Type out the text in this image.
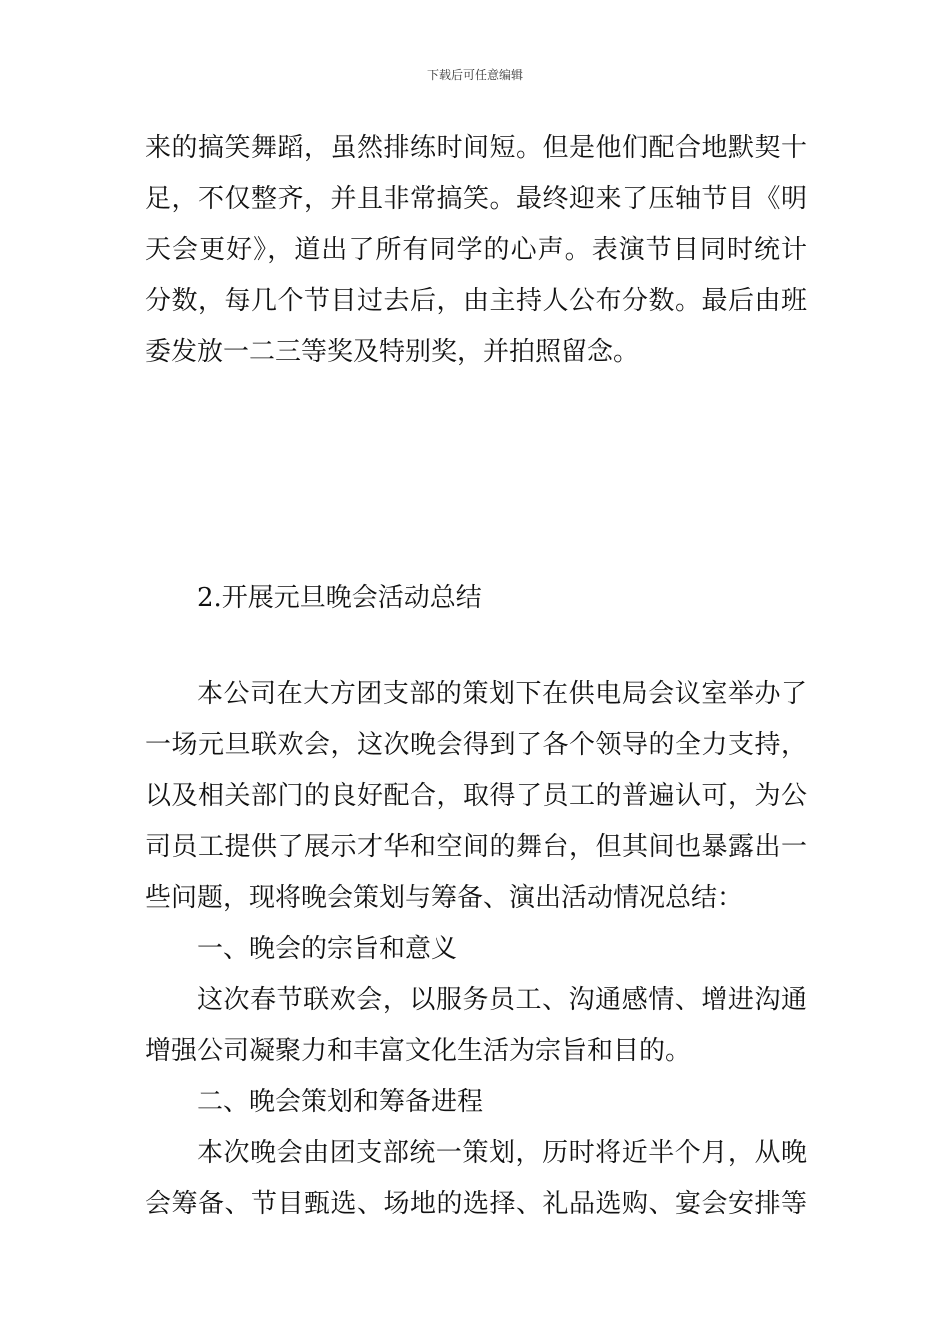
下载后可任意编辑
来的搞笑舞蹈，虽然排练时间短。但是他们配合地默契十
足，不仅整齐，并且非常搞笑。最终迎来了压轴节目《明
天会更好》，道出了所有同学的心声。表演节目同时统计
分数，每几个节目过去后，由主持人公布分数。最后由班
委发放一二三等奖及特别奖，并拍照留念。
2.开展元旦晚会活动总结
本公司在大方团支部的策划下在供电局会议室举办了
一场元旦联欢会，这次晚会得到了各个领导的全力支持，
以及相关部门的良好配合，取得了员工的普遍认可，为公
司员工提供了展示才华和空间的舞台，但其间也暴露出一
些问题，现将晚会策划与筹备、演出活动情况总结：
一、晚会的宗旨和意义
这次春节联欢会，以服务员工、沟通感情、增进沟通
增强公司凝聚力和丰富文化生活为宗旨和目的。
二、晚会策划和筹备进程
本次晚会由团支部统一策划，历时将近半个月，从晚
会筹备、节目甄选、场地的选择、礼品选购、宴会安排等
